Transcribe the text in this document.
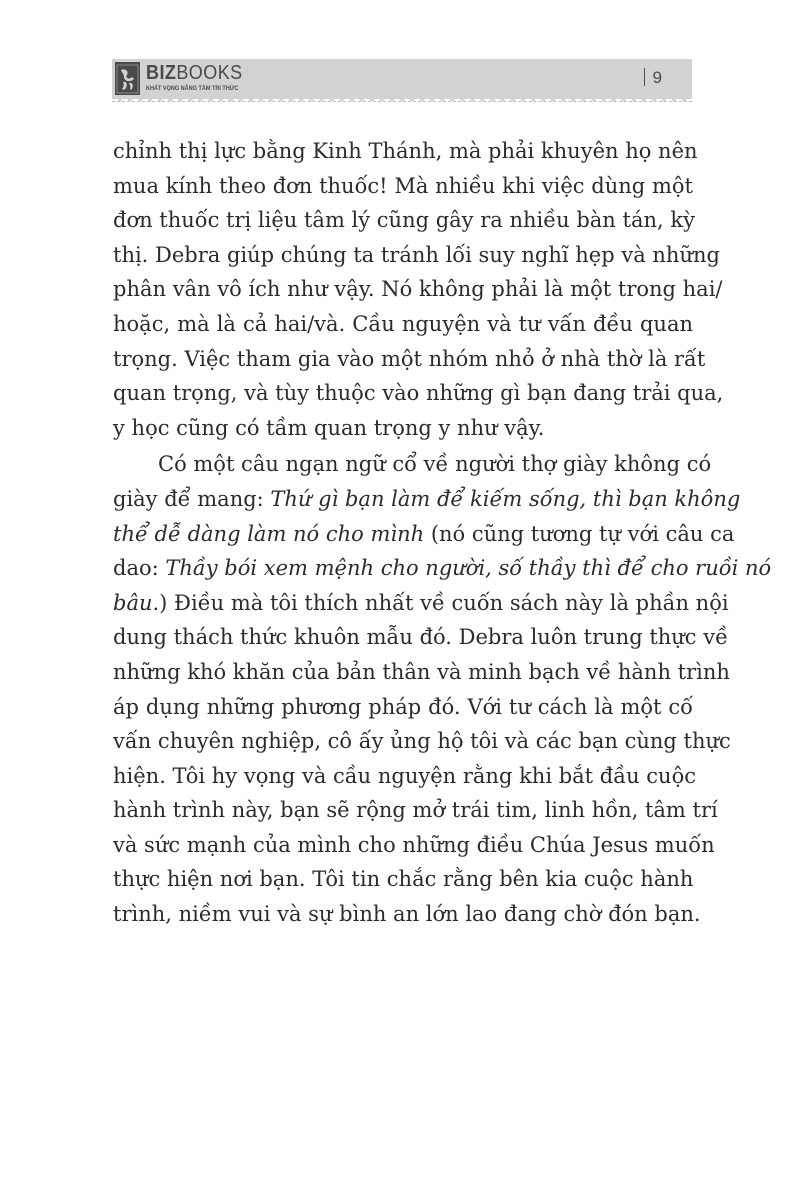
BIZBOOKS
KHÁT VỌNG NÂNG TẦM TRI THỨC
9
chỉnh thị lực bằng Kinh Thánh, mà phải khuyên họ nên
mua kính theo đơn thuốc! Mà nhiều khi việc dùng một
đơn thuốc trị liệu tâm lý cũng gây ra nhiều bàn tán, kỳ
thị. Debra giúp chúng ta tránh lối suy nghĩ hẹp và những
phân vân vô ích như vậy. Nó không phải là một trong hai/
hoặc, mà là cả hai/và. Cầu nguyện và tư vấn đều quan
trọng. Việc tham gia vào một nhóm nhỏ ở nhà thờ là rất
quan trọng, và tùy thuộc vào những gì bạn đang trải qua,
y học cũng có tầm quan trọng y như vậy.
Có một câu ngạn ngữ cổ về người thợ giày không có
giày để mang: Thứ gì bạn làm để kiếm sống, thì bạn không
thể dễ dàng làm nó cho mình (nó cũng tương tự với câu ca
dao: Thầy bói xem mệnh cho người, số thầy thì để cho ruồi nó
bâu.) Điều mà tôi thích nhất về cuốn sách này là phần nội
dung thách thức khuôn mẫu đó. Debra luôn trung thực về
những khó khăn của bản thân và minh bạch về hành trình
áp dụng những phương pháp đó. Với tư cách là một cố
vấn chuyên nghiệp, cô ấy ủng hộ tôi và các bạn cùng thực
hiện. Tôi hy vọng và cầu nguyện rằng khi bắt đầu cuộc
hành trình này, bạn sẽ rộng mở trái tim, linh hồn, tâm trí
và sức mạnh của mình cho những điều Chúa Jesus muốn
thực hiện nơi bạn. Tôi tin chắc rằng bên kia cuộc hành
trình, niềm vui và sự bình an lớn lao đang chờ đón bạn.
